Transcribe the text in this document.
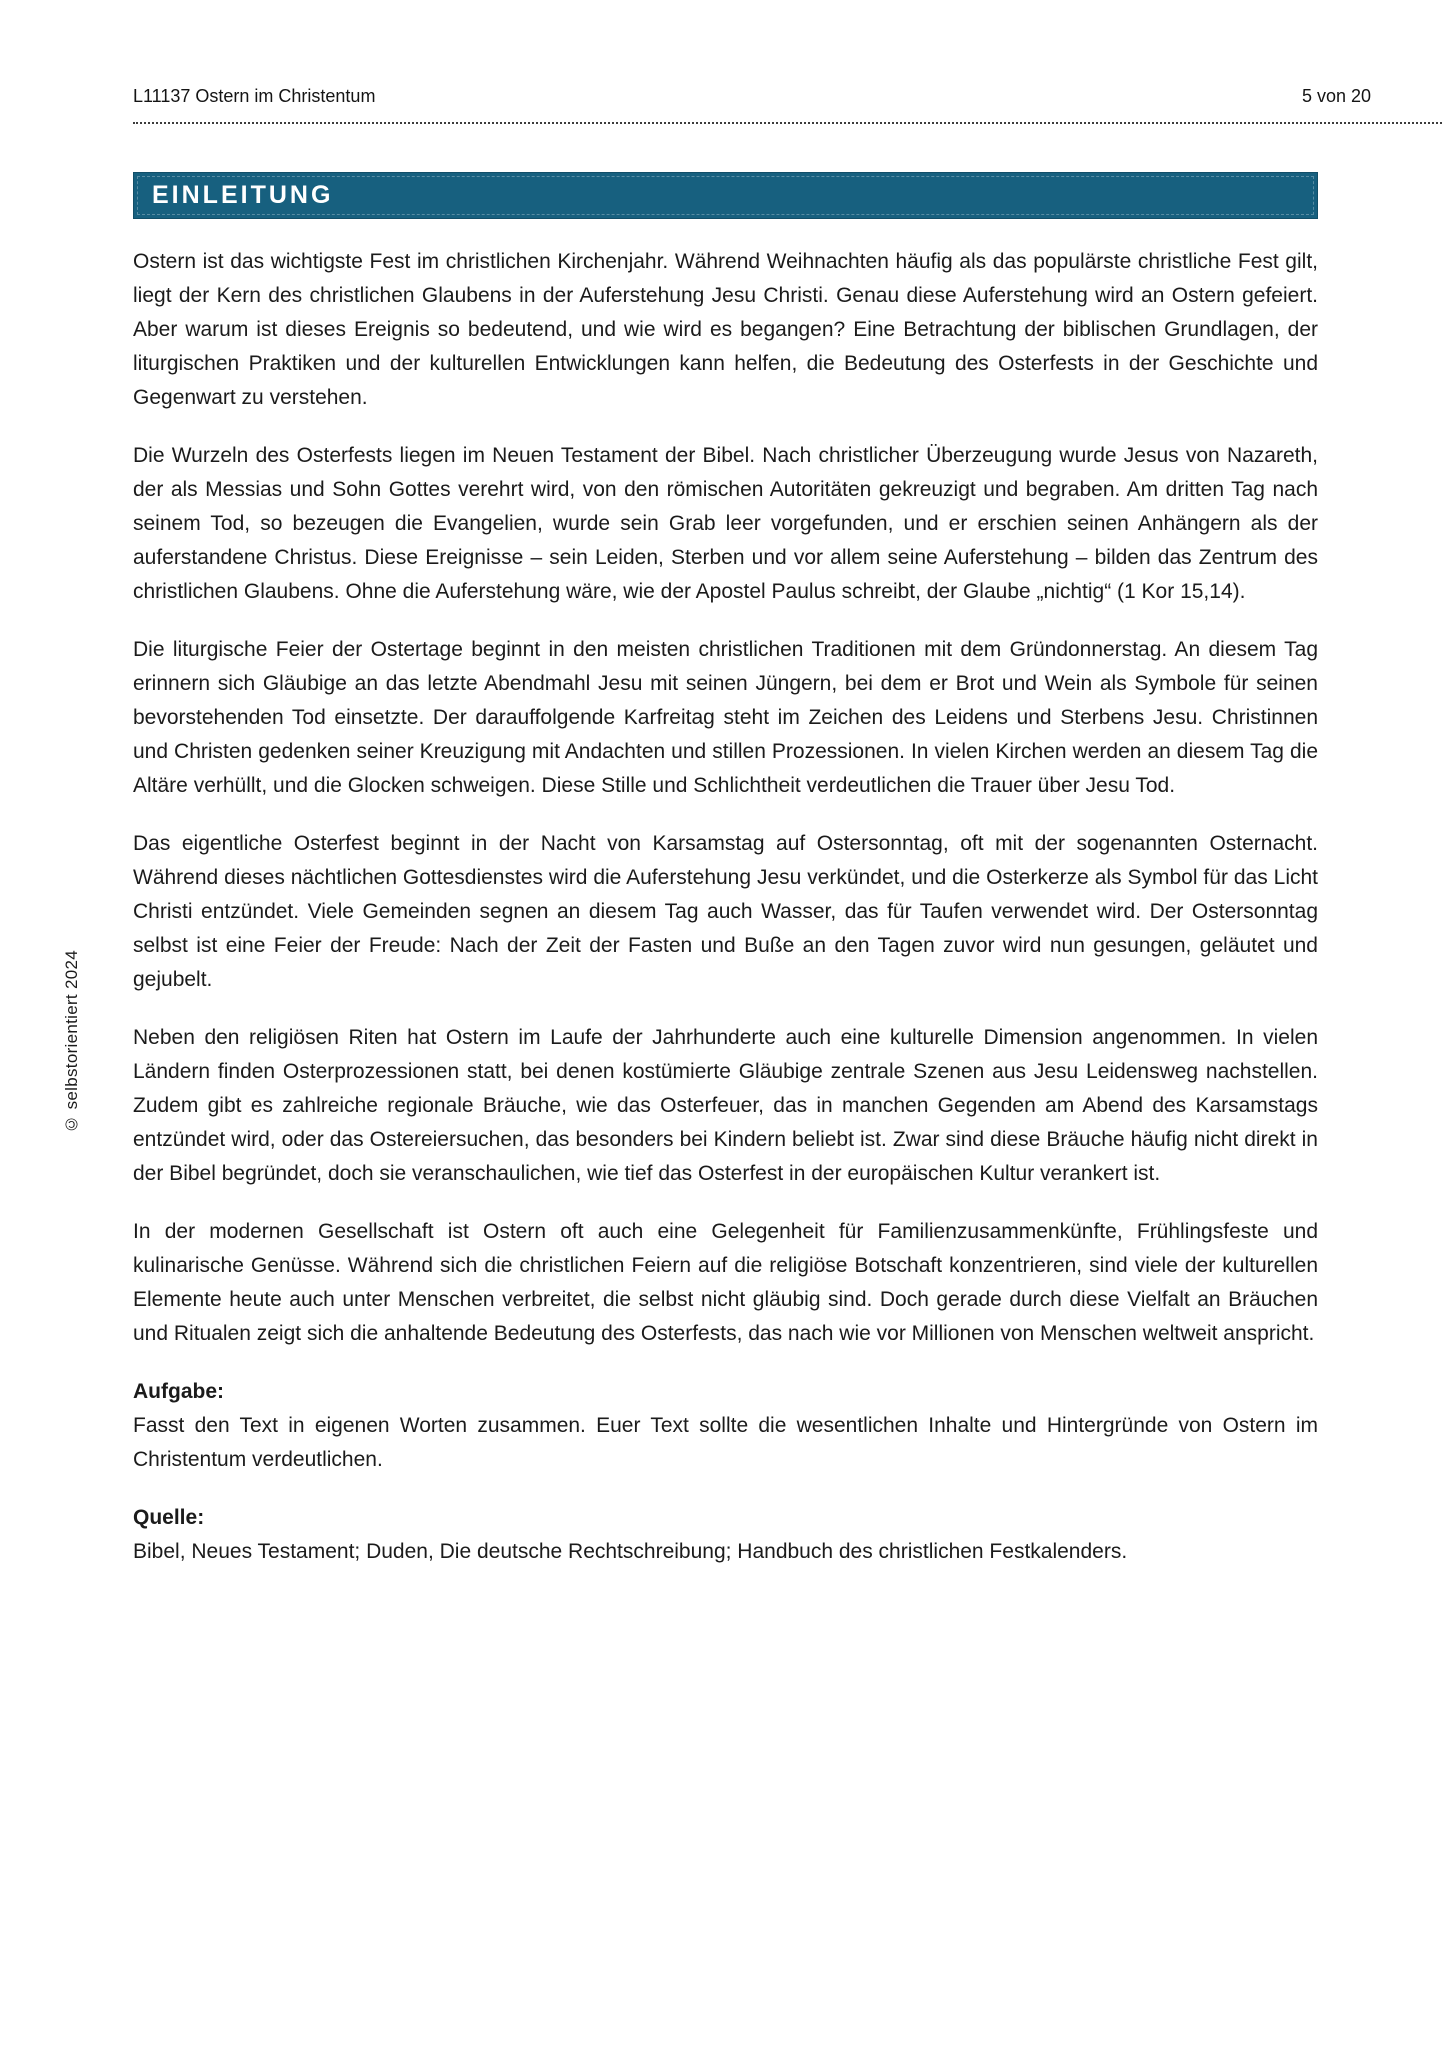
L11137 Ostern im Christentum	5 von 20
EINLEITUNG

Ostern ist das wichtigste Fest im christlichen Kirchenjahr. Während Weihnachten häufig als das populärste christliche Fest gilt, liegt der Kern des christlichen Glaubens in der Auferstehung Jesu Christi. Genau diese Auferstehung wird an Ostern gefeiert. Aber warum ist dieses Ereignis so bedeutend, und wie wird es begangen? Eine Betrachtung der biblischen Grundlagen, der liturgischen Praktiken und der kulturellen Entwicklungen kann helfen, die Bedeutung des Osterfests in der Geschichte und Gegenwart zu verstehen.

Die Wurzeln des Osterfests liegen im Neuen Testament der Bibel. Nach christlicher Überzeugung wurde Jesus von Nazareth, der als Messias und Sohn Gottes verehrt wird, von den römischen Autoritäten gekreuzigt und begraben. Am dritten Tag nach seinem Tod, so bezeugen die Evangelien, wurde sein Grab leer vorgefunden, und er erschien seinen Anhängern als der auferstandene Christus. Diese Ereignisse – sein Leiden, Sterben und vor allem seine Auferstehung – bilden das Zentrum des christlichen Glaubens. Ohne die Auferstehung wäre, wie der Apostel Paulus schreibt, der Glaube „nichtig“ (1 Kor 15,14).

Die liturgische Feier der Ostertage beginnt in den meisten christlichen Traditionen mit dem Gründonnerstag. An diesem Tag erinnern sich Gläubige an das letzte Abendmahl Jesu mit seinen Jüngern, bei dem er Brot und Wein als Symbole für seinen bevorstehenden Tod einsetzte. Der darauffolgende Karfreitag steht im Zeichen des Leidens und Sterbens Jesu. Christinnen und Christen gedenken seiner Kreuzigung mit Andachten und stillen Prozessionen. In vielen Kirchen werden an diesem Tag die Altäre verhüllt, und die Glocken schweigen. Diese Stille und Schlichtheit verdeutlichen die Trauer über Jesu Tod.

Das eigentliche Osterfest beginnt in der Nacht von Karsamstag auf Ostersonntag, oft mit der sogenannten Osternacht. Während dieses nächtlichen Gottesdienstes wird die Auferstehung Jesu verkündet, und die Osterkerze als Symbol für das Licht Christi entzündet. Viele Gemeinden segnen an diesem Tag auch Wasser, das für Taufen verwendet wird. Der Ostersonntag selbst ist eine Feier der Freude: Nach der Zeit der Fasten und Buße an den Tagen zuvor wird nun gesungen, geläutet und gejubelt.

Neben den religiösen Riten hat Ostern im Laufe der Jahrhunderte auch eine kulturelle Dimension angenommen. In vielen Ländern finden Osterprozessionen statt, bei denen kostümierte Gläubige zentrale Szenen aus Jesu Leidensweg nachstellen. Zudem gibt es zahlreiche regionale Bräuche, wie das Osterfeuer, das in manchen Gegenden am Abend des Karsamstags entzündet wird, oder das Ostereiersuchen, das besonders bei Kindern beliebt ist. Zwar sind diese Bräuche häufig nicht direkt in der Bibel begründet, doch sie veranschaulichen, wie tief das Osterfest in der europäischen Kultur verankert ist.

In der modernen Gesellschaft ist Ostern oft auch eine Gelegenheit für Familienzusammenkünfte, Frühlingsfeste und kulinarische Genüsse. Während sich die christlichen Feiern auf die religiöse Botschaft konzentrieren, sind viele der kulturellen Elemente heute auch unter Menschen verbreitet, die selbst nicht gläubig sind. Doch gerade durch diese Vielfalt an Bräuchen und Ritualen zeigt sich die anhaltende Bedeutung des Osterfests, das nach wie vor Millionen von Menschen weltweit anspricht.

Aufgabe:

Fasst den Text in eigenen Worten zusammen. Euer Text sollte die wesentlichen Inhalte und Hintergründe von Ostern im Christentum verdeutlichen.

Quelle:

Bibel, Neues Testament; Duden, Die deutsche Rechtschreibung; Handbuch des christlichen Festkalenders.

© selbstorientiert 2024
